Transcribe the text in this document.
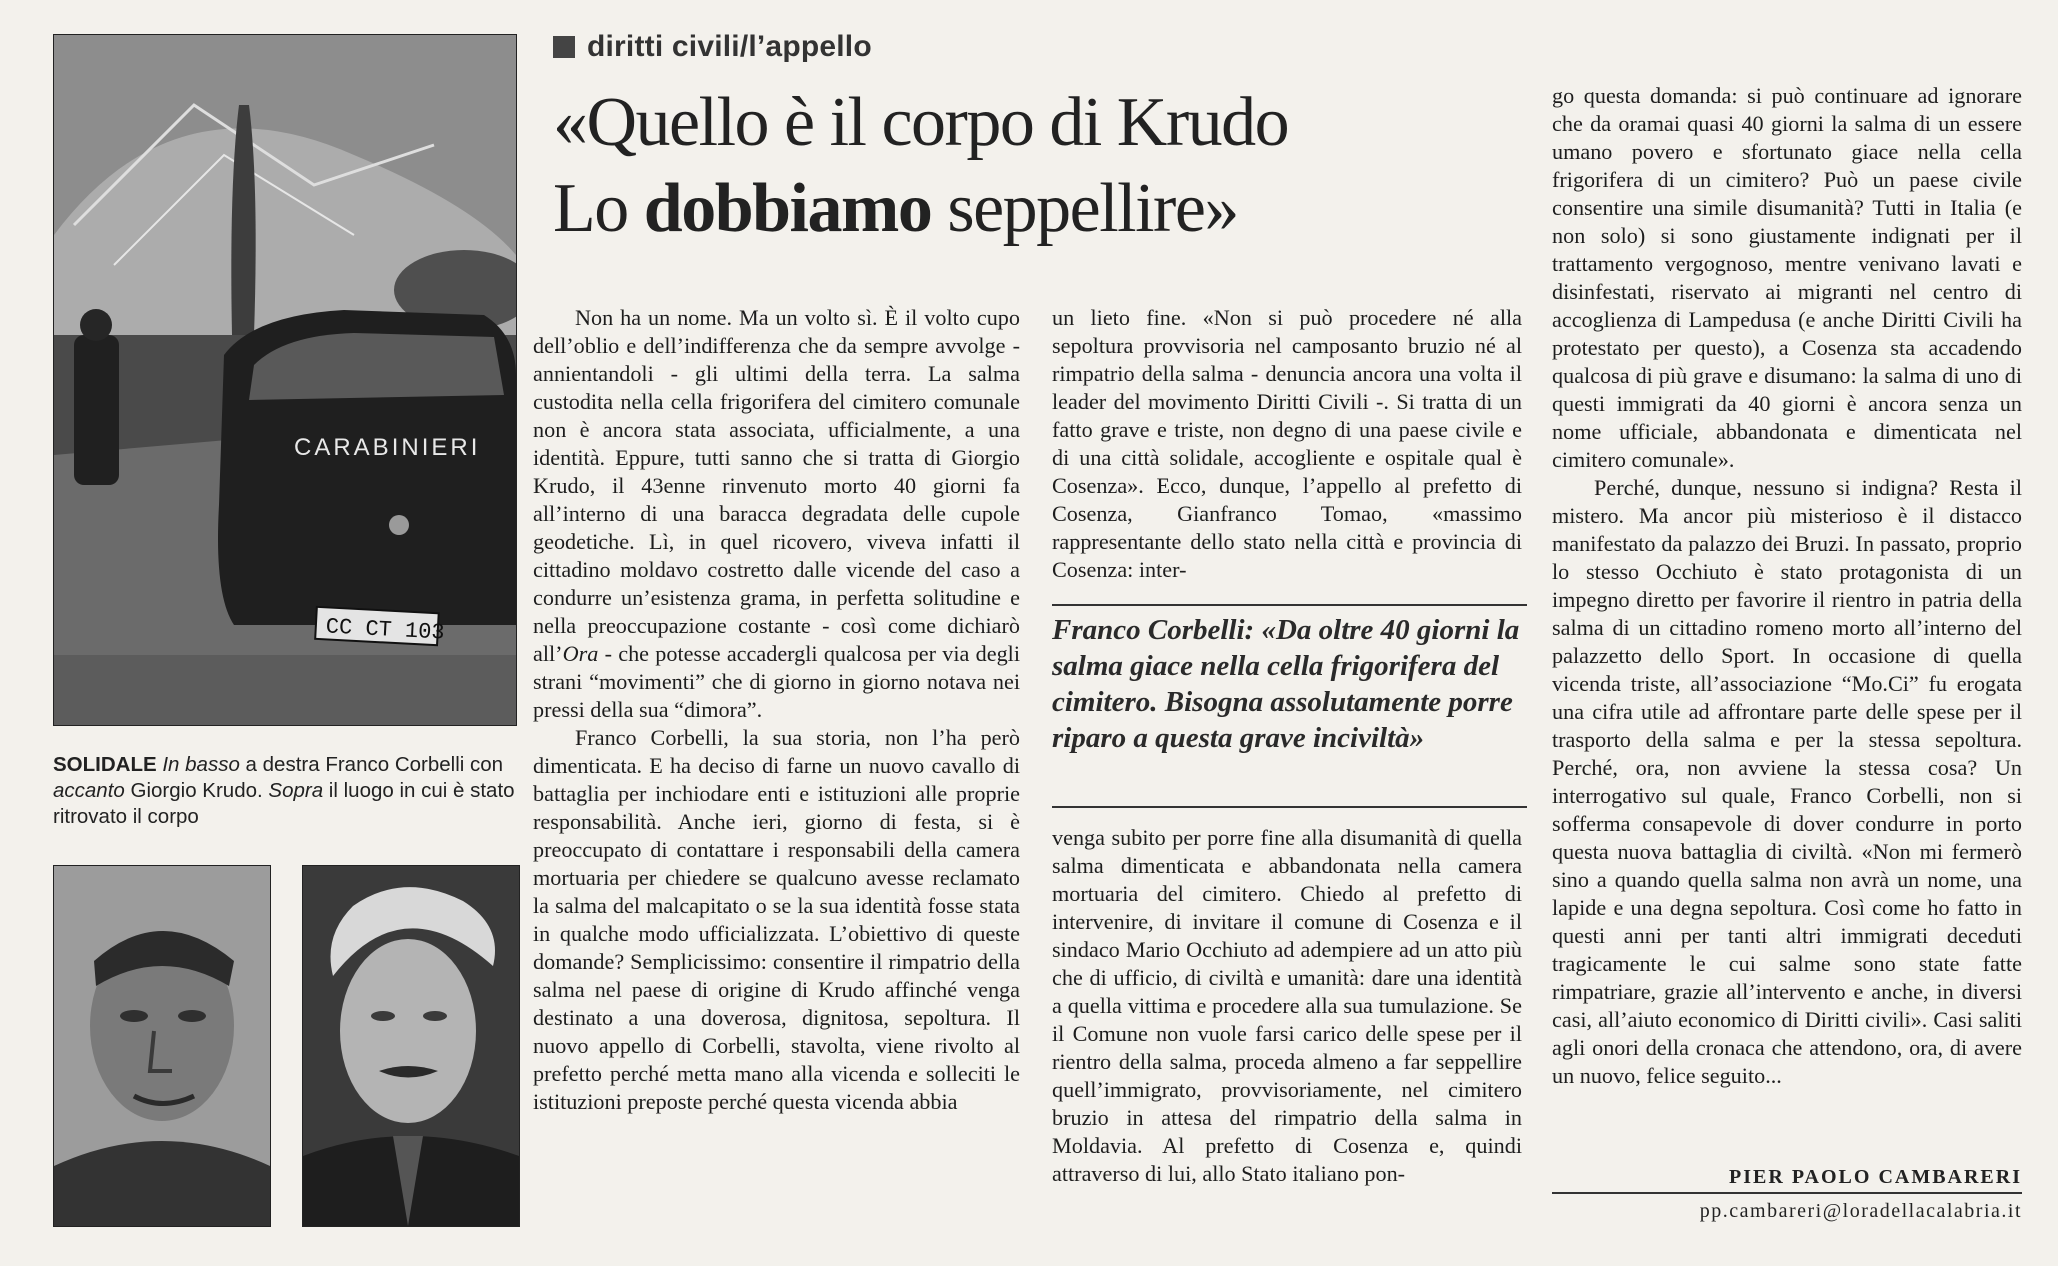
CARABINIERI
CC CT 103
SOLIDALE In basso a destra Franco Corbelli con accanto Giorgio Krudo. Sopra il luogo in cui è stato ritrovato il corpo
diritti civili/l’appello
«Quello è il corpo di Krudo
Lo dobbiamo seppellire»

Non ha un nome. Ma un volto sì. È il volto cupo dell’oblio e dell’indifferenza che da sempre avvolge - annientandoli - gli ultimi della terra. La salma custodita nella cella frigorifera del cimitero comunale non è ancora stata associata, ufficialmente, a una identità. Eppure, tutti sanno che si tratta di Giorgio Krudo, il 43enne rinvenuto morto 40 giorni fa all’interno di una baracca degradata delle cupole geodetiche. Lì, in quel ricovero, viveva infatti il cittadino moldavo costretto dalle vicende del caso a condurre un’esistenza grama, in perfetta solitudine e nella preoccupazione costante - così come dichiarò all’Ora - che potesse accadergli qualcosa per via degli strani “movimenti” che di giorno in giorno notava nei pressi della sua “dimora”.

Franco Corbelli, la sua storia, non l’ha però dimenticata. E ha deciso di farne un nuovo cavallo di battaglia per inchiodare enti e istituzioni alle proprie responsabilità. Anche ieri, giorno di festa, si è preoccupato di contattare i responsabili della camera mortuaria per chiedere se qualcuno avesse reclamato la salma del malcapitato o se la sua identità fosse stata in qualche modo ufficializzata. L’obiettivo di queste domande? Semplicissimo: consentire il rimpatrio della salma nel paese di origine di Krudo affinché venga destinato a una doverosa, dignitosa, sepoltura. Il nuovo appello di Corbelli, stavolta, viene rivolto al prefetto perché metta mano alla vicenda e solleciti le istituzioni preposte perché questa vicenda abbia

un lieto fine. «Non si può procedere né alla sepoltura provvisoria nel camposanto bruzio né al rimpatrio della salma - denuncia ancora una volta il leader del movimento Diritti Civili -. Si tratta di un fatto grave e triste, non degno di una paese civile e di una città solidale, accogliente e ospitale qual è Cosenza». Ecco, dunque, l’appello al prefetto di Cosenza, Gianfranco Tomao, «massimo rappresentante dello stato nella città e provincia di Cosenza: inter-

Franco Corbelli: «Da oltre 40 giorni la salma giace nella cella frigorifera del cimitero. Bisogna assolutamente porre riparo a questa grave inciviltà»

venga subito per porre fine alla disumanità di quella salma dimenticata e abbandonata nella camera mortuaria del cimitero. Chiedo al prefetto di intervenire, di invitare il comune di Cosenza e il sindaco Mario Occhiuto ad adempiere ad un atto più che di ufficio, di civiltà e umanità: dare una identità a quella vittima e procedere alla sua tumulazione. Se il Comune non vuole farsi carico delle spese per il rientro della salma, proceda almeno a far seppellire quell’immigrato, provvisoriamente, nel cimitero bruzio in attesa del rimpatrio della salma in Moldavia. Al prefetto di Cosenza e, quindi attraverso di lui, allo Stato italiano pon-

go questa domanda: si può continuare ad ignorare che da oramai quasi 40 giorni la salma di un essere umano povero e sfortunato giace nella cella frigorifera di un cimitero? Può un paese civile consentire una simile disumanità? Tutti in Italia (e non solo) si sono giustamente indignati per il trattamento vergognoso, mentre venivano lavati e disinfestati, riservato ai migranti nel centro di accoglienza di Lampedusa (e anche Diritti Civili ha protestato per questo), a Cosenza sta accadendo qualcosa di più grave e disumano: la salma di uno di questi immigrati da 40 giorni è ancora senza un nome ufficiale, abbandonata e dimenticata nel cimitero comunale».

Perché, dunque, nessuno si indigna? Resta il mistero. Ma ancor più misterioso è il distacco manifestato da palazzo dei Bruzi. In passato, proprio lo stesso Occhiuto è stato protagonista di un impegno diretto per favorire il rientro in patria della salma di un cittadino romeno morto all’interno del palazzetto dello Sport. In occasione di quella vicenda triste, all’associazione “Mo.Ci” fu erogata una cifra utile ad affrontare parte delle spese per il trasporto della salma e per la stessa sepoltura. Perché, ora, non avviene la stessa cosa? Un interrogativo sul quale, Franco Corbelli, non si sofferma consapevole di dover condurre in porto questa nuova battaglia di civiltà. «Non mi fermerò sino a quando quella salma non avrà un nome, una lapide e una degna sepoltura. Così come ho fatto in questi anni per tanti altri immigrati deceduti tragicamente le cui salme sono state fatte rimpatriare, grazie all’intervento e anche, in diversi casi, all’aiuto economico di Diritti civili». Casi saliti agli onori della cronaca che attendono, ora, di avere un nuovo, felice seguito...

PIER PAOLO CAMBARERI
pp.cambareri@loradellacalabria.it
